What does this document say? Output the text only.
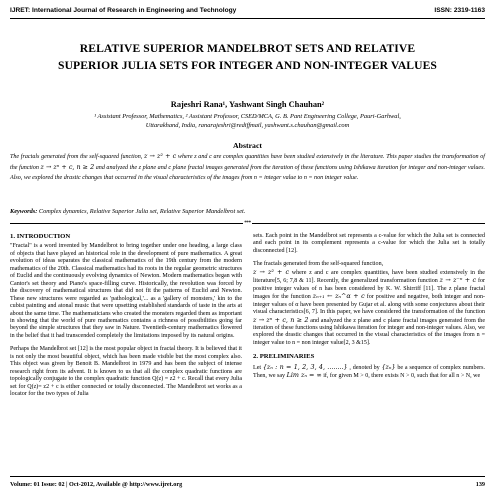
IJRET: International Journal of Research in Engineering and Technology	ISSN: 2319-1163
RELATIVE SUPERIOR MANDELBROT SETS AND RELATIVE
SUPERIOR JULIA SETS FOR INTEGER AND NON-INTEGER VALUES
Rajeshri Rana¹, Yashwant Singh Chauhan²
¹ Assistant Professor, Mathematics, ² Assistant Professor, CSED/MCA, G. B. Pant Engineering College, Pauri-Garhwal,
Uttarakhand, India, ranarajeshri@rediffmail, yashwant.s.chauhan@gmail.com
Abstract
The fractals generated from the self-squared function, z → z² + c where z and c are complex quantities have been studied extensively in the literature. This paper studies the transformation of the function z → zⁿ + c, n ≥ 2 and analyzed the z plane and c plane fractal images generated from the iteration of these functions using Ishikawa iteration for integer and non-integer values. Also, we explored the drastic changes that occurred in the visual characteristics of the images from n = integer value to n = non integer value.
Keywords: Complex dynamics, Relative Superior Julia set, Relative Superior Mandelbrot set.
***
1. INTRODUCTION

"Fractal" is a word invented by Mandelbrot to bring together under one heading, a large class of objects that have played an historical role in the development of pure mathematics. A great evolution of ideas separates the classical mathematics of the 19th century from the modern mathematics of the 20th. Classical mathematics had its roots in the regular geometric structures of Euclid and the continuously evolving dynamics of Newton. Modern mathematics began with Cantor's set theory and Piano's space-filling curve. Historically, the revolution was forced by the discovery of mathematical structures that did not fit the patterns of Euclid and Newton. These new structures were regarded as 'pathological,'... as a 'gallery of monsters,' kin to the cubist painting and atonal music that were upsetting established standards of taste in the arts at about the same time. The mathematicians who created the monsters regarded them as important in showing that the world of pure mathematics contains a richness of possibilities going far beyond the simple structures that they saw in Nature. Twentieth-century mathematics flowered in the belief that it had transcended completely the limitations imposed by its natural origins.

Perhaps the Mandelbrot set [12] is the most popular object in fractal theory. It is believed that it is not only the most beautiful object, which has been made visible but the most complex also. This object was given by Benoit B. Mandelbrot in 1979 and has been the subject of intense research right from its advent. It is known to us that all the complex quadratic functions are topologically conjugate to the complex quadratic function Q(z) = z2 + c. Recall that every Julia set for Q(z)= z2 + c is either connected or totally disconnected. The Mandelbrot set works as a locator for the two types of Julia

sets. Each point in the Mandelbrot set represents a c-value for which the Julia set is connected and each point in its complement represents a c-value for which the Julia set is totally disconnected [12].

The fractals generated from the self-squared function,
z → z² + c where z and c are complex quantities, have been studied extensively in the literature[5, 6; 7,8 & 11]. Recently, the generalized transformation function z → z⁻ⁿ + c for positive integer values of n has been considered by K. W. Shirriff [11]. The z plane fractal images for the function zₙ₊₁ ← zₙ^α + c for positive and negative, both integer and non-integer values of α have been presented by Gujar et al. along with some conjectures about their visual characteristics[6, 7]. In this paper, we have considered the transformation of the function z → zⁿ + c, n ≥ 2 and analyzed the z plane and c plane fractal images generated from the iteration of these functions using Ishikawa iteration for integer and non-integer values. Also, we explored the drastic changes that occurred in the visual characteristics of the images from n = integer value to n = non integer value[2, 3 &15].

2. PRELIMINARIES

Let {zₙ : n = 1, 2, 3, 4, ........} , denoted by {zₙ} be a sequence of complex numbers. Then, we say Lim zₙ = ∞ if, for given M > 0, there exists N > 0, such that for all n > N, we

Volume: 01 Issue: 02 | Oct-2012, Available @ http://www.ijret.org	139
